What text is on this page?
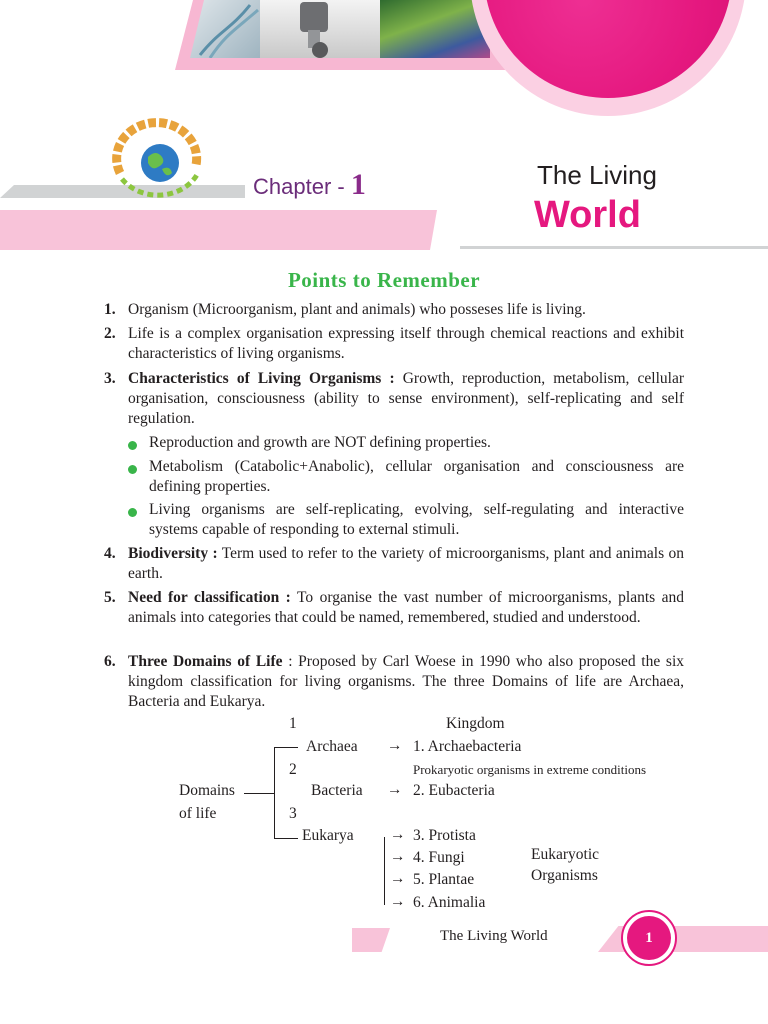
Chapter - 1	The Living
World
Points to Remember
1. Organism (Microorganism, plant and animals) who posseses life is living.
2. Life is a complex organisation expressing itself through chemical reactions and exhibit characteristics of living organisms.
3. Characteristics of Living Organisms : Growth, reproduction, metabolism, cellular organisation, consciousness (ability to sense environment), self-replicating and self regulation.
Reproduction and growth are NOT defining properties.
Metabolism (Catabolic+Anabolic), cellular organisation and consciousness are defining properties.
Living organisms are self-replicating, evolving, self-regulating and interactive systems capable of responding to external stimuli.
4. Biodiversity : Term used to refer to the variety of microorganisms, plant and animals on earth.
5. Need for classification : To organise the vast number of microorganisms, plants and animals into categories that could be named, remembered, studied and understood.
6. Three Domains of Life : Proposed by Carl Woese in 1990 who also proposed the six kingdom classification for living organisms. The three Domains of life are Archaea, Bacteria and Eukarya.
1	Kingdom
Archaea → 1. Archaebacteria
2	Prokaryotic organisms in extreme conditions
Domains	Bacteria → 2. Eubacteria
of life	3
Eukarya → 3. Protista
→ 4. Fungi
→ 5. Plantae
→ 6. Animalia
Eukaryotic
Organisms
The Living World	1
